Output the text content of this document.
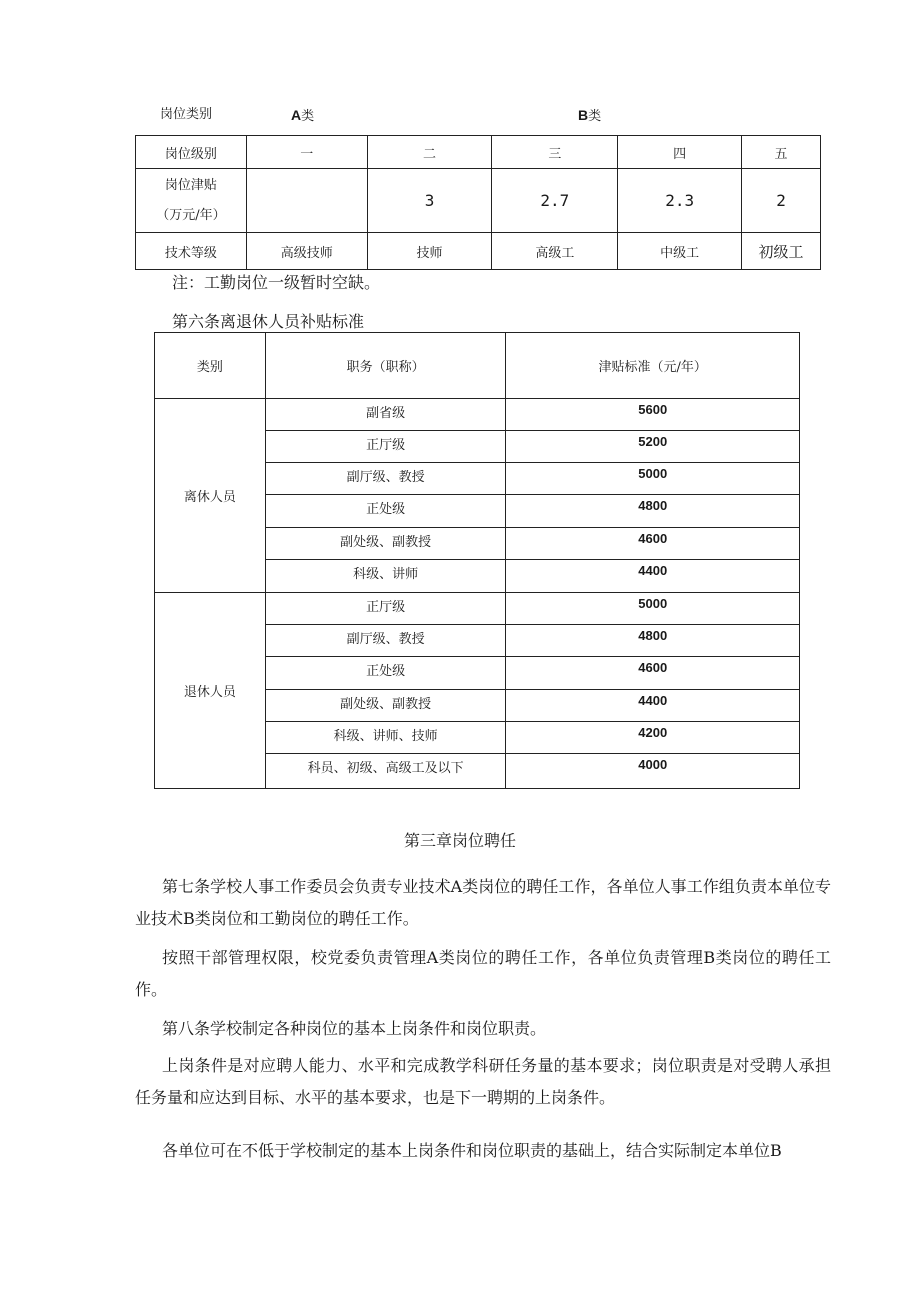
岗位类别	A类	B类
岗位级别	一	二	三	四	五

岗位津贴
（万元/年）		3	2.7	2.3	2
技术等级	高级技师	技师	高级工	中级工	初级工
注：工勤岗位一级暂时空缺。
第六条离退休人员补贴标准
类别	职务（职称）	津贴标准（元/年）
离休人员	副省级	5600
	正厅级	5200
	副厅级、教授	5000
	正处级	4800
	副处级、副教授	4600
	科级、讲师	4400
退休人员	正厅级	5000
	副厅级、教授	4800
	正处级	4600
	副处级、副教授	4400
	科级、讲师、技师	4200
	科员、初级、高级工及以下	4000
第三章岗位聘任
第七条学校人事工作委员会负责专业技术A类岗位的聘任工作，各单位人事工作组负责本单位专业技术B类岗位和工勤岗位的聘任工作。
按照干部管理权限，校党委负责管理A类岗位的聘任工作，各单位负责管理B类岗位的聘任工作。
第八条学校制定各种岗位的基本上岗条件和岗位职责。
上岗条件是对应聘人能力、水平和完成教学科研任务量的基本要求；岗位职责是对受聘人承担任务量和应达到目标、水平的基本要求，也是下一聘期的上岗条件。
各单位可在不低于学校制定的基本上岗条件和岗位职责的基础上，结合实际制定本单位B
